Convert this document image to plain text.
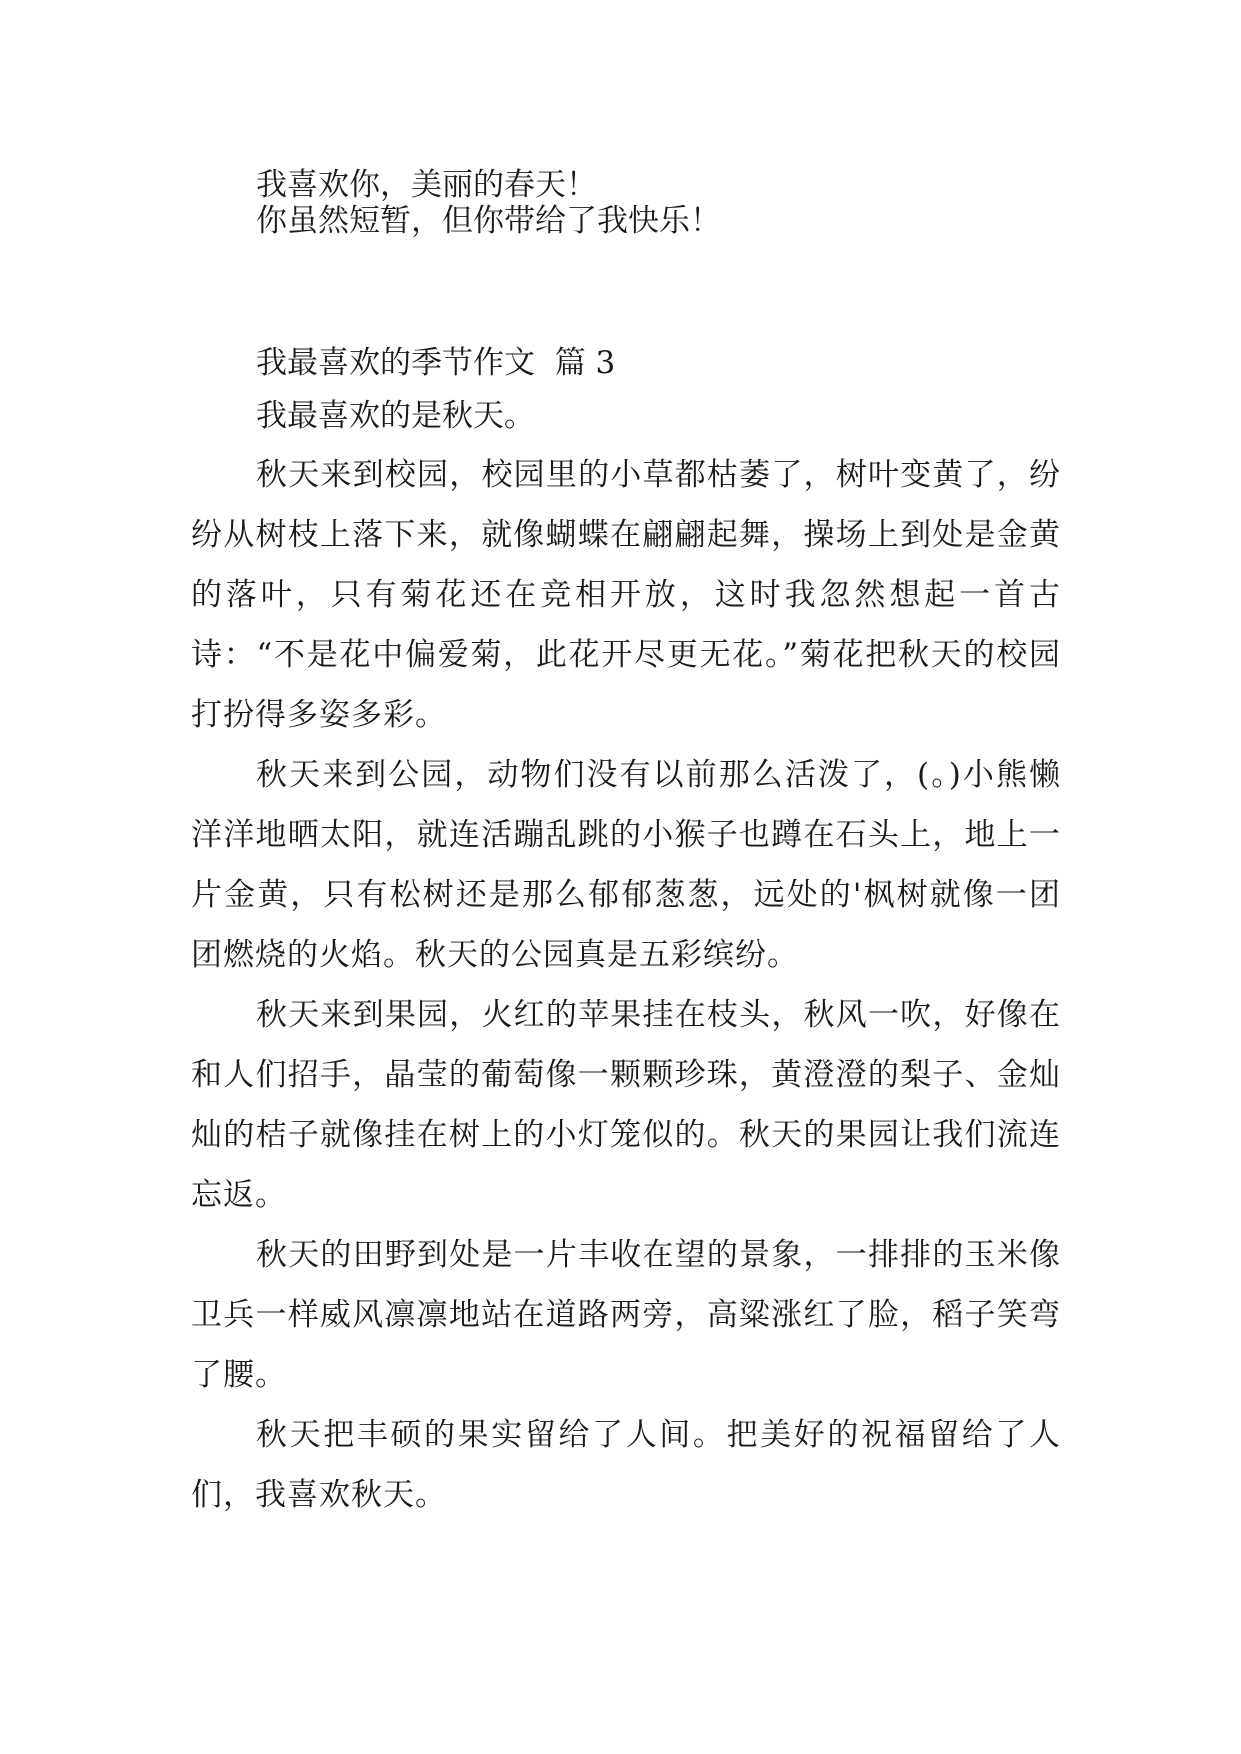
我喜欢你，美丽的春天！

你虽然短暂，但你带给了我快乐！

我最喜欢的季节作文  篇 3

我最喜欢的是秋天。

秋天来到校园，校园里的小草都枯萎了，树叶变黄了，纷纷从树枝上落下来，就像蝴蝶在翩翩起舞，操场上到处是金黄的落叶，只有菊花还在竞相开放，这时我忽然想起一首古诗：“不是花中偏爱菊，此花开尽更无花。”菊花把秋天的校园打扮得多姿多彩。

秋天来到公园，动物们没有以前那么活泼了，(。)小熊懒洋洋地晒太阳，就连活蹦乱跳的小猴子也蹲在石头上，地上一片金黄，只有松树还是那么郁郁葱葱，远处的'枫树就像一团团燃烧的火焰。秋天的公园真是五彩缤纷。

秋天来到果园，火红的苹果挂在枝头，秋风一吹，好像在和人们招手，晶莹的葡萄像一颗颗珍珠，黄澄澄的梨子、金灿灿的桔子就像挂在树上的小灯笼似的。秋天的果园让我们流连忘返。

秋天的田野到处是一片丰收在望的景象，一排排的玉米像卫兵一样威风凛凛地站在道路两旁，高粱涨红了脸，稻子笑弯了腰。

秋天把丰硕的果实留给了人间。把美好的祝福留给了人们，我喜欢秋天。
